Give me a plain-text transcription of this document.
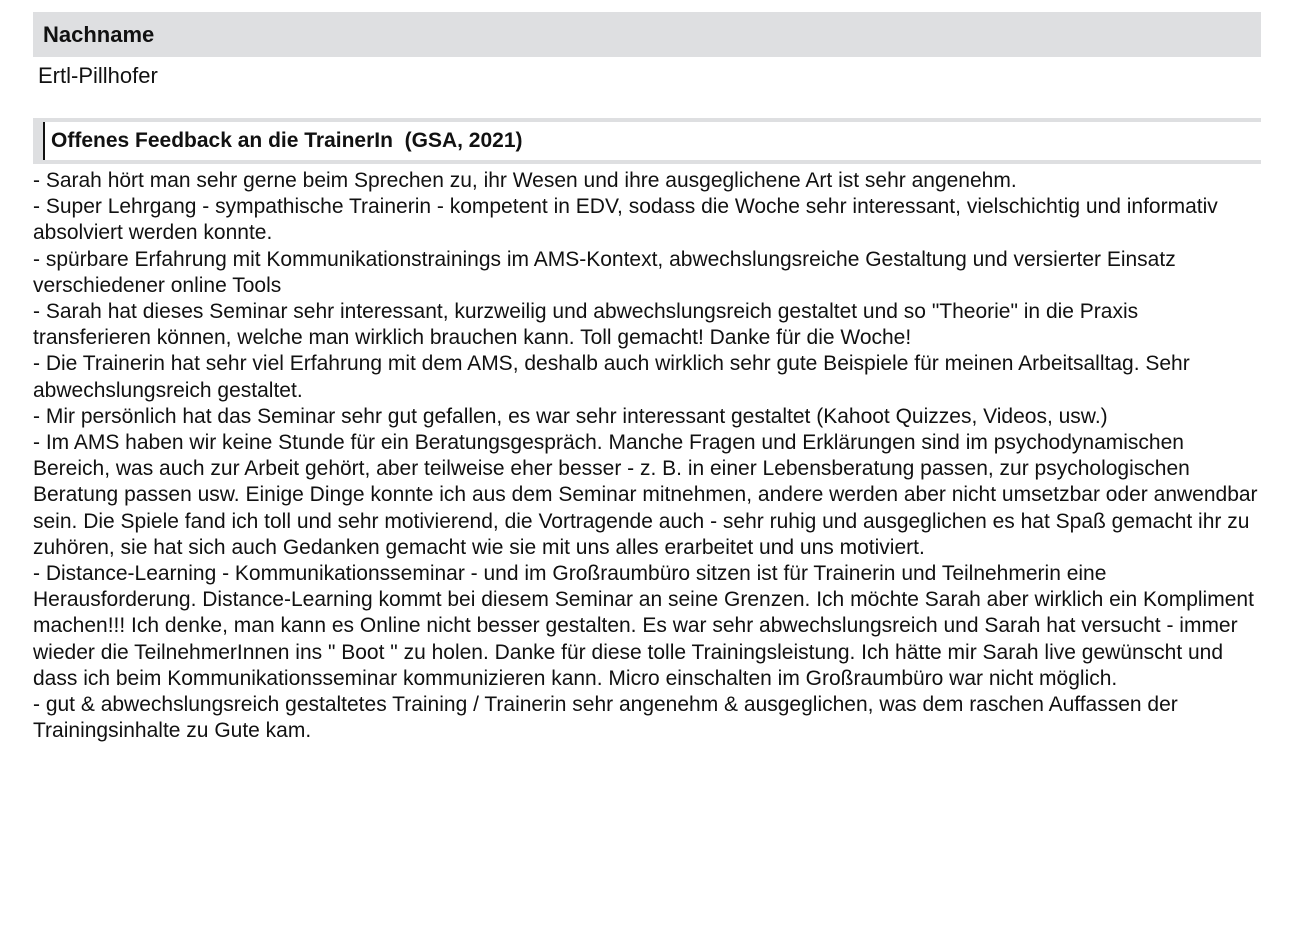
Nachname
Ertl-Pillhofer
Offenes Feedback an die TrainerIn  (GSA, 2021)
- Sarah hört man sehr gerne beim Sprechen zu, ihr Wesen und ihre ausgeglichene Art ist sehr angenehm.
- Super Lehrgang - sympathische Trainerin - kompetent in EDV, sodass die Woche sehr interessant, vielschichtig und informativ absolviert werden konnte.
- spürbare Erfahrung mit Kommunikationstrainings im AMS-Kontext, abwechslungsreiche Gestaltung und versierter Einsatz verschiedener online Tools
- Sarah hat dieses Seminar sehr interessant, kurzweilig und abwechslungsreich gestaltet und so "Theorie" in die Praxis transferieren können, welche man wirklich brauchen kann. Toll gemacht! Danke für die Woche!
- Die Trainerin hat sehr viel Erfahrung mit dem AMS, deshalb auch wirklich sehr gute Beispiele für meinen Arbeitsalltag. Sehr abwechslungsreich gestaltet.
- Mir persönlich hat das Seminar sehr gut gefallen, es war sehr interessant gestaltet (Kahoot Quizzes, Videos, usw.)
- Im AMS haben wir keine Stunde für ein Beratungsgespräch. Manche Fragen und Erklärungen sind im psychodynamischen Bereich, was auch zur Arbeit gehört, aber teilweise eher besser - z. B. in einer Lebensberatung passen, zur psychologischen Beratung passen usw. Einige Dinge konnte ich aus dem Seminar mitnehmen, andere werden aber nicht umsetzbar oder anwendbar sein. Die Spiele fand ich toll und sehr motivierend, die Vortragende auch - sehr ruhig und ausgeglichen es hat Spaß gemacht ihr zu zuhören, sie hat sich auch Gedanken gemacht wie sie mit uns alles erarbeitet und uns motiviert.
- Distance-Learning - Kommunikationsseminar - und im Großraumbüro sitzen ist für Trainerin und Teilnehmerin eine Herausforderung. Distance-Learning kommt bei diesem Seminar an seine Grenzen. Ich möchte Sarah aber wirklich ein Kompliment machen!!! Ich denke, man kann es Online nicht besser gestalten. Es war sehr abwechslungsreich und Sarah hat versucht - immer wieder die TeilnehmerInnen ins " Boot " zu holen. Danke für diese tolle Trainingsleistung. Ich hätte mir Sarah live gewünscht und dass ich beim Kommunikationsseminar kommunizieren kann. Micro einschalten im Großraumbüro war nicht möglich.
- gut & abwechslungsreich gestaltetes Training / Trainerin sehr angenehm & ausgeglichen, was dem raschen Auffassen der Trainingsinhalte zu Gute kam.
